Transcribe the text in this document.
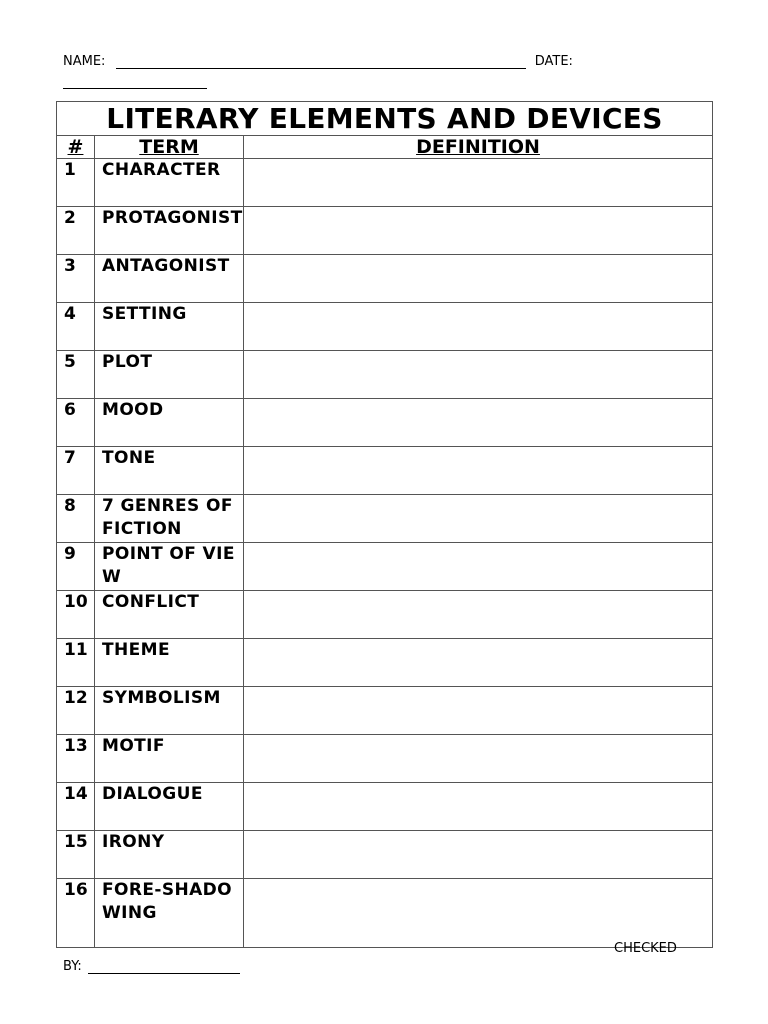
NAME:	DATE:
LITERARY ELEMENTS AND DEVICES		
#	TERM	DEFINITION
1	CHARACTER	
2	PROTAGONIST	
3	ANTAGONIST	
4	SETTING	
5	PLOT	
6	MOOD	
7	TONE	
8	7 GENRES OF FICTION	
9	POINT OF VIEW	
10	CONFLICT	
11	THEME	
12	SYMBOLISM	
13	MOTIF	
14	DIALOGUE	
15	IRONY	
16	FORE-SHADOWING	
CHECKED
BY:
